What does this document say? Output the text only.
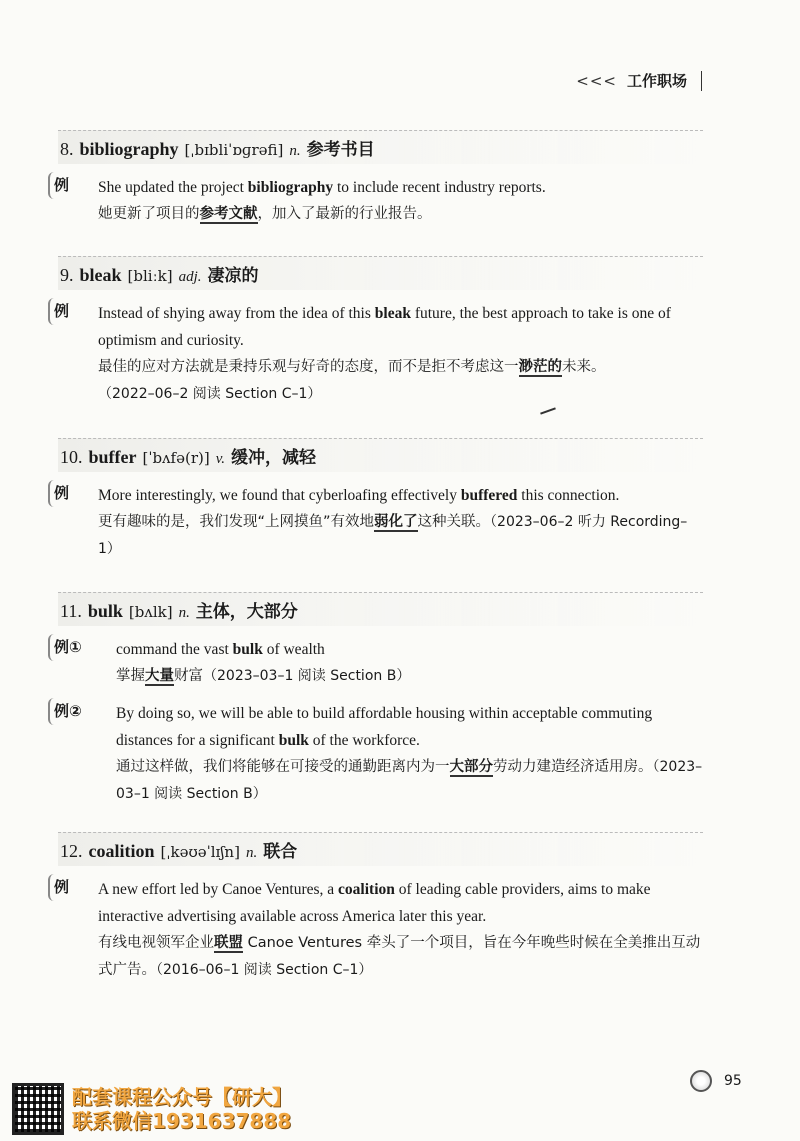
<<< 工作职场
8. bibliography [ˌbɪbliˈɒɡrəfi] n. 参考书目
例 She updated the project bibliography to include recent industry reports.
她更新了项目的参考文献，加入了最新的行业报告。
9. bleak [bliːk] adj. 凄凉的
例 Instead of shying away from the idea of this bleak future, the best approach to take is one of optimism and curiosity.
最佳的应对方法就是秉持乐观与好奇的态度，而不是拒不考虑这一渺茫的未来。
（2022–06–2 阅读 Section C–1）
10. buffer [ˈbʌfə(r)] v. 缓冲，减轻
例 More interestingly, we found that cyberloafing effectively buffered this connection.
更有趣味的是，我们发现“上网摸鱼”有效地弱化了这种关联。（2023–06–2 听力 Recording–1）
11. bulk [bʌlk] n. 主体，大部分
例① command the vast bulk of wealth
掌握大量财富（2023–03–1 阅读 Section B）
例② By doing so, we will be able to build affordable housing within acceptable commuting distances for a significant bulk of the workforce.
通过这样做，我们将能够在可接受的通勤距离内为一大部分劳动力建造经济适用房。（2023–03–1 阅读 Section B）
12. coalition [ˌkəʊəˈlɪʃn] n. 联合
例 A new effort led by Canoe Ventures, a coalition of leading cable providers, aims to make interactive advertising available across America later this year.
有线电视领军企业联盟 Canoe Ventures 牵头了一个项目，旨在今年晚些时候在全美推出互动式广告。（2016–06–1 阅读 Section C–1）
95
配套课程公众号【研大】
联系微信1931637888
